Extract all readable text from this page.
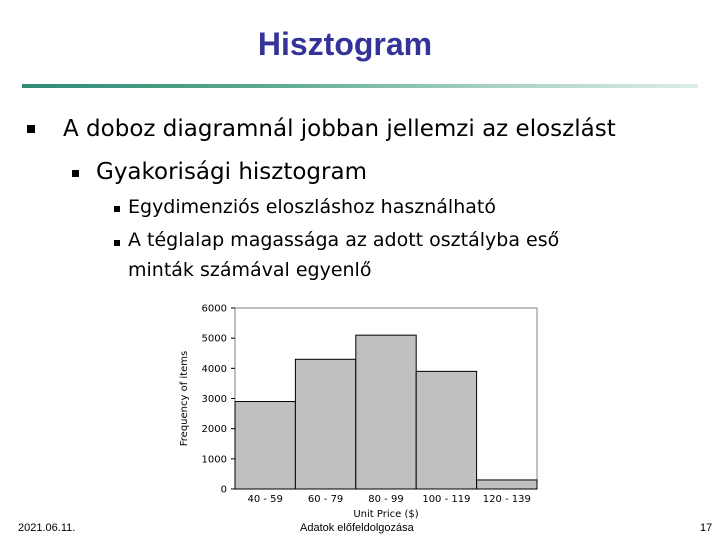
Hisztogram
A doboz diagramnál jobban jellemzi az eloszlást
Gyakorisági hisztogram
Egydimenziós eloszláshoz használható
A téglalap magassága az adott osztályba eső
minták számával egyenlő
40 - 59 60 - 79 80 - 99 100 - 119 120 - 139
0
1000
2000
3000
4000
5000
6000
Unit Price ($)
Frequency of items
2021.06.11.	Adatok előfeldolgozása	17
